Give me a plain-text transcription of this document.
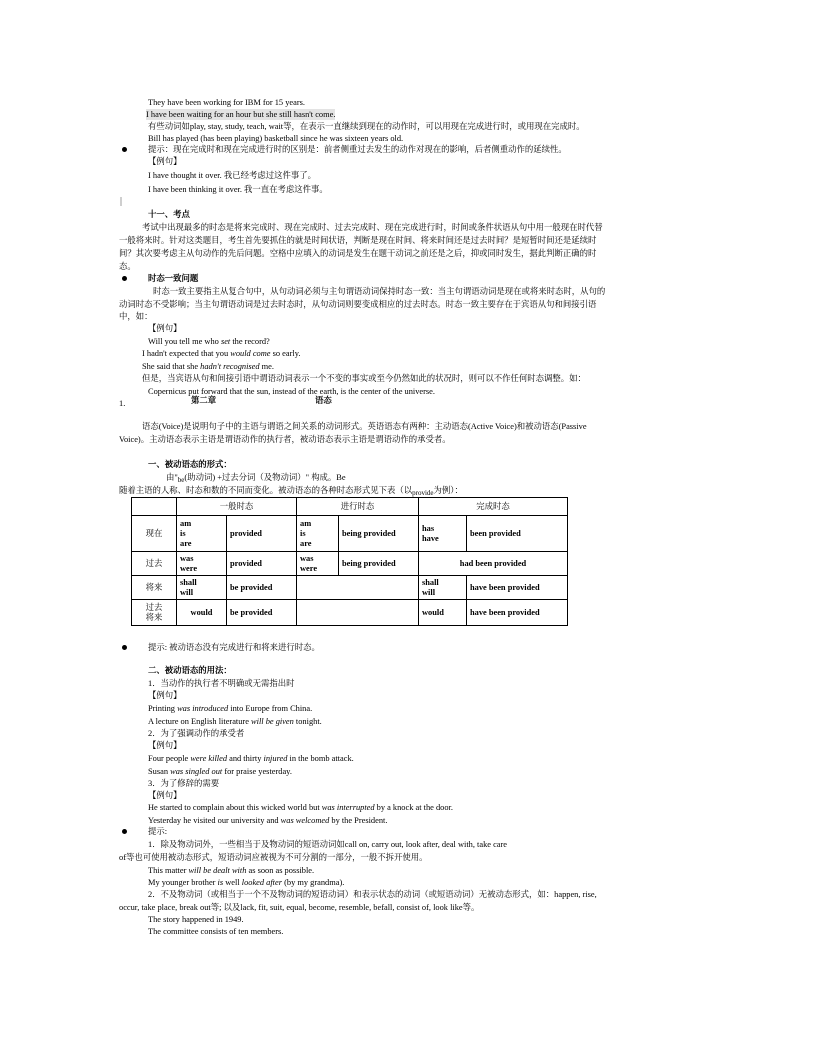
They have been working for IBM for 15 years.
I have been waiting for an hour but she still hasn't come.
有些动词如play, stay, study, teach, wait等，在表示一直继续到现在的动作时，可以用现在完成进行时，或用现在完成时。
Bill has played (has been playing) basketball since he was sixteen years old.
提示：现在完成时和现在完成进行时的区别是：前者侧重过去发生的动作对现在的影响，后者侧重动作的延续性。
【例句】
I have thought it over. 我已经考虑过这件事了。
I have been thinking it over. 我一直在考虑这件事。
十一、考点
考试中出现最多的时态是将来完成时、现在完成时、过去完成时、现在完成进行时，时间或条件状语从句中用一般现在时代替
一般将来时。针对这类题目，考生首先要抓住的就是时间状语，判断是现在时间、将来时间还是过去时间？是短暂时间还是延续时
间？其次要考虑主从句动作的先后问题。空格中应填入的动词是发生在题干动词之前还是之后，抑或同时发生，据此判断正确的时
态。
时态一致问题
时态一致主要指主从复合句中，从句动词必须与主句谓语动词保持时态一致：当主句谓语动词是现在或将来时态时，从句的
动词时态不受影响；当主句谓语动词是过去时态时，从句动词则要变成相应的过去时态。时态一致主要存在于宾语从句和间接引语
中，如：
【例句】
Will you tell me who set the record?
I hadn't expected that you would come so early.
She said that she hadn't recognised me.
但是，当宾语从句和间接引语中谓语动词表示一个不变的事实或至今仍然如此的状况时，则可以不作任何时态调整。如：
Copernicus put forward that the sun, instead of the earth, is the center of the universe.
1.	第二章	语态
语态(Voice)是说明句子中的主语与谓语之间关系的动词形式。英语语态有两种：主动语态(Active Voice)和被动语态(Passive
Voice)。主动语态表示主语是谓语动作的执行者，被动语态表示主语是谓语动作的承受者。
一、被动语态的形式：
由"$_{be}$(助动词) +过去分词（及物动词）" 构成。Be
随着主语的人称、时态和数的不同而变化。被动语态的各种时态形式见下表（以$_{provide}$为例）：
	一般时态		进行时态		完成时态	
现在	am
is
are	provided	am
is
are	being provided	has
have	been provided
过去	was
were	provided	was
were	being provided	had been provided	
将来	shall
will	be provided			shall
will	have been provided

过去
将来	would	be provided			would	have been provided
提示: 被动语态没有完成进行和将来进行时态。
二、被动语态的用法：
1．当动作的执行者不明确或无需指出时
【例句】
Printing was introduced into Europe from China.
A lecture on English literature will be given tonight.
2．为了强调动作的承受者
【例句】
Four people were killed and thirty injured in the bomb attack.
Susan was singled out for praise yesterday.
3．为了修辞的需要
【例句】
He started to complain about this wicked world but was interrupted by a knock at the door.
Yesterday he visited our university and was welcomed by the President.
提示:
1．除及物动词外，一些相当于及物动词的短语动词如call on, carry out, look after, deal with, take care
of等也可使用被动态形式，短语动词应被视为不可分割的一部分，一般不拆开使用。
This matter will be dealt with as soon as possible.
My younger brother is well looked after (by my grandma).
2．不及物动词（或相当于一个不及物动词的短语动词）和表示状态的动词（或短语动词）无被动态形式，如：happen, rise,
occur, take place, break out等; 以及lack, fit, suit, equal, become, resemble, befall, consist of, look like等。
The story happened in 1949.
The committee consists of ten members.
